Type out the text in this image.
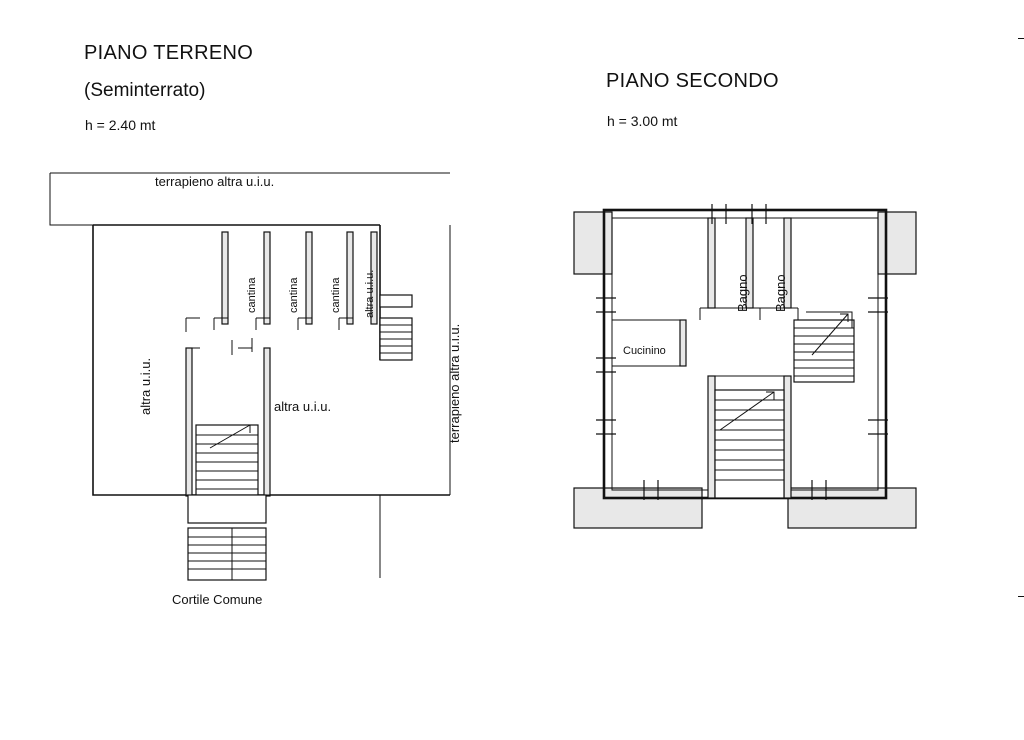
PIANO TERRENO
(Seminterrato)
h = 2.40 mt
PIANO SECONDO
h = 3.00 mt
terrapieno altra u.i.u.
altra u.i.u.	terrapieno altra u.i.u.
altra u.i.u.
Cortile Comune
cantina	cantina	cantina altra u.i.u.	Bagno Bagno
Cucinino
